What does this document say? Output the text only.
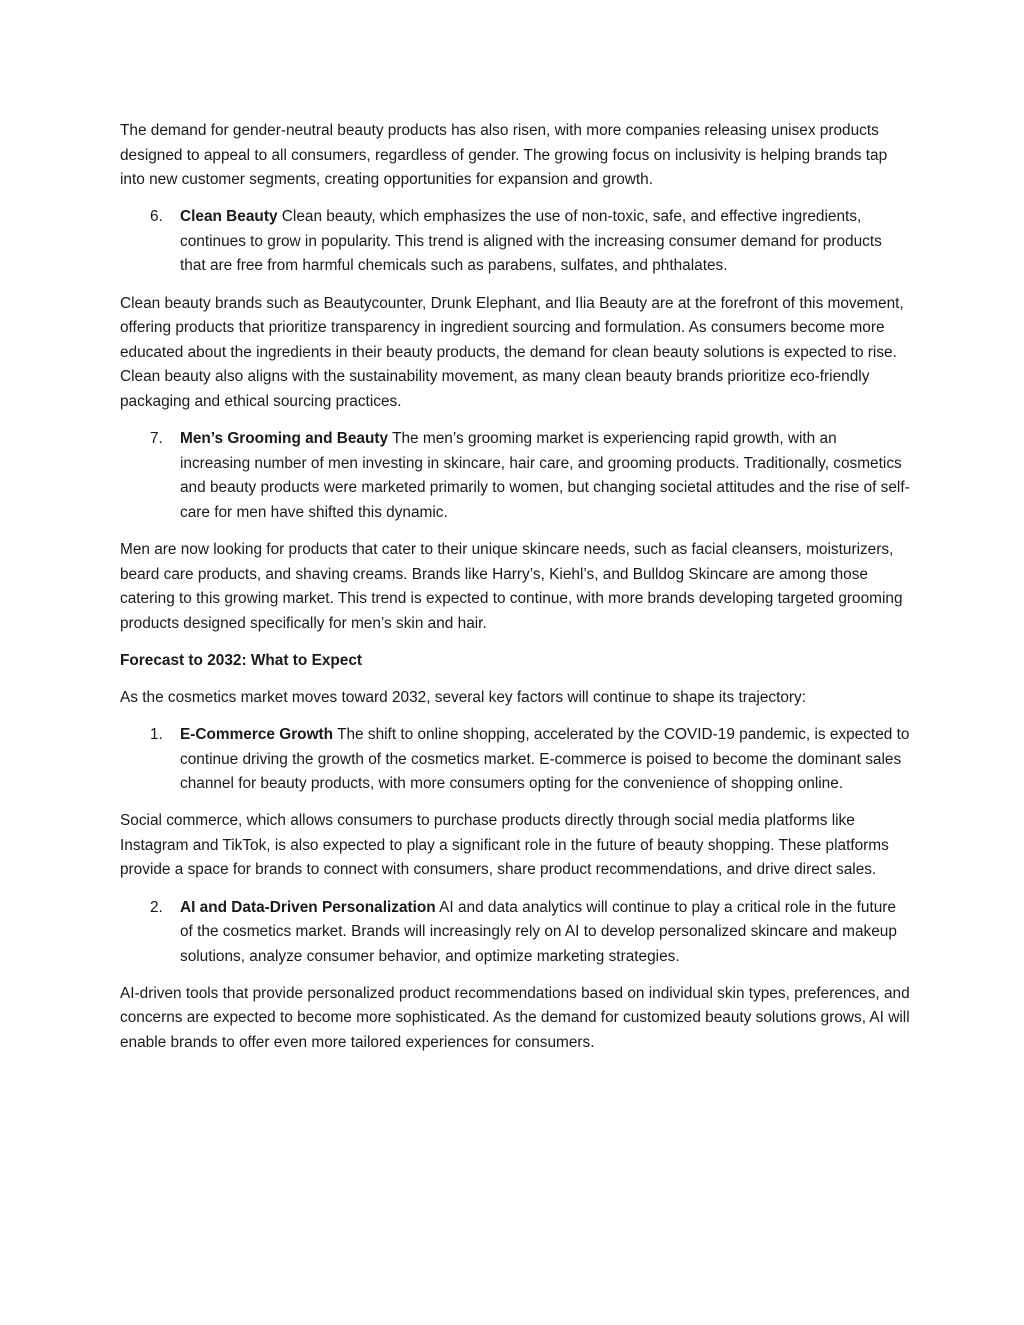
The demand for gender-neutral beauty products has also risen, with more companies releasing unisex products designed to appeal to all consumers, regardless of gender. The growing focus on inclusivity is helping brands tap into new customer segments, creating opportunities for expansion and growth.

6. Clean Beauty Clean beauty, which emphasizes the use of non-toxic, safe, and effective ingredients, continues to grow in popularity. This trend is aligned with the increasing consumer demand for products that are free from harmful chemicals such as parabens, sulfates, and phthalates.

Clean beauty brands such as Beautycounter, Drunk Elephant, and Ilia Beauty are at the forefront of this movement, offering products that prioritize transparency in ingredient sourcing and formulation. As consumers become more educated about the ingredients in their beauty products, the demand for clean beauty solutions is expected to rise. Clean beauty also aligns with the sustainability movement, as many clean beauty brands prioritize eco-friendly packaging and ethical sourcing practices.

7. Men’s Grooming and Beauty The men’s grooming market is experiencing rapid growth, with an increasing number of men investing in skincare, hair care, and grooming products. Traditionally, cosmetics and beauty products were marketed primarily to women, but changing societal attitudes and the rise of self-care for men have shifted this dynamic.

Men are now looking for products that cater to their unique skincare needs, such as facial cleansers, moisturizers, beard care products, and shaving creams. Brands like Harry’s, Kiehl’s, and Bulldog Skincare are among those catering to this growing market. This trend is expected to continue, with more brands developing targeted grooming products designed specifically for men’s skin and hair.

Forecast to 2032: What to Expect

As the cosmetics market moves toward 2032, several key factors will continue to shape its trajectory:

1. E-Commerce Growth The shift to online shopping, accelerated by the COVID-19 pandemic, is expected to continue driving the growth of the cosmetics market. E-commerce is poised to become the dominant sales channel for beauty products, with more consumers opting for the convenience of shopping online.

Social commerce, which allows consumers to purchase products directly through social media platforms like Instagram and TikTok, is also expected to play a significant role in the future of beauty shopping. These platforms provide a space for brands to connect with consumers, share product recommendations, and drive direct sales.

2. AI and Data-Driven Personalization AI and data analytics will continue to play a critical role in the future of the cosmetics market. Brands will increasingly rely on AI to develop personalized skincare and makeup solutions, analyze consumer behavior, and optimize marketing strategies.

AI-driven tools that provide personalized product recommendations based on individual skin types, preferences, and concerns are expected to become more sophisticated. As the demand for customized beauty solutions grows, AI will enable brands to offer even more tailored experiences for consumers.
